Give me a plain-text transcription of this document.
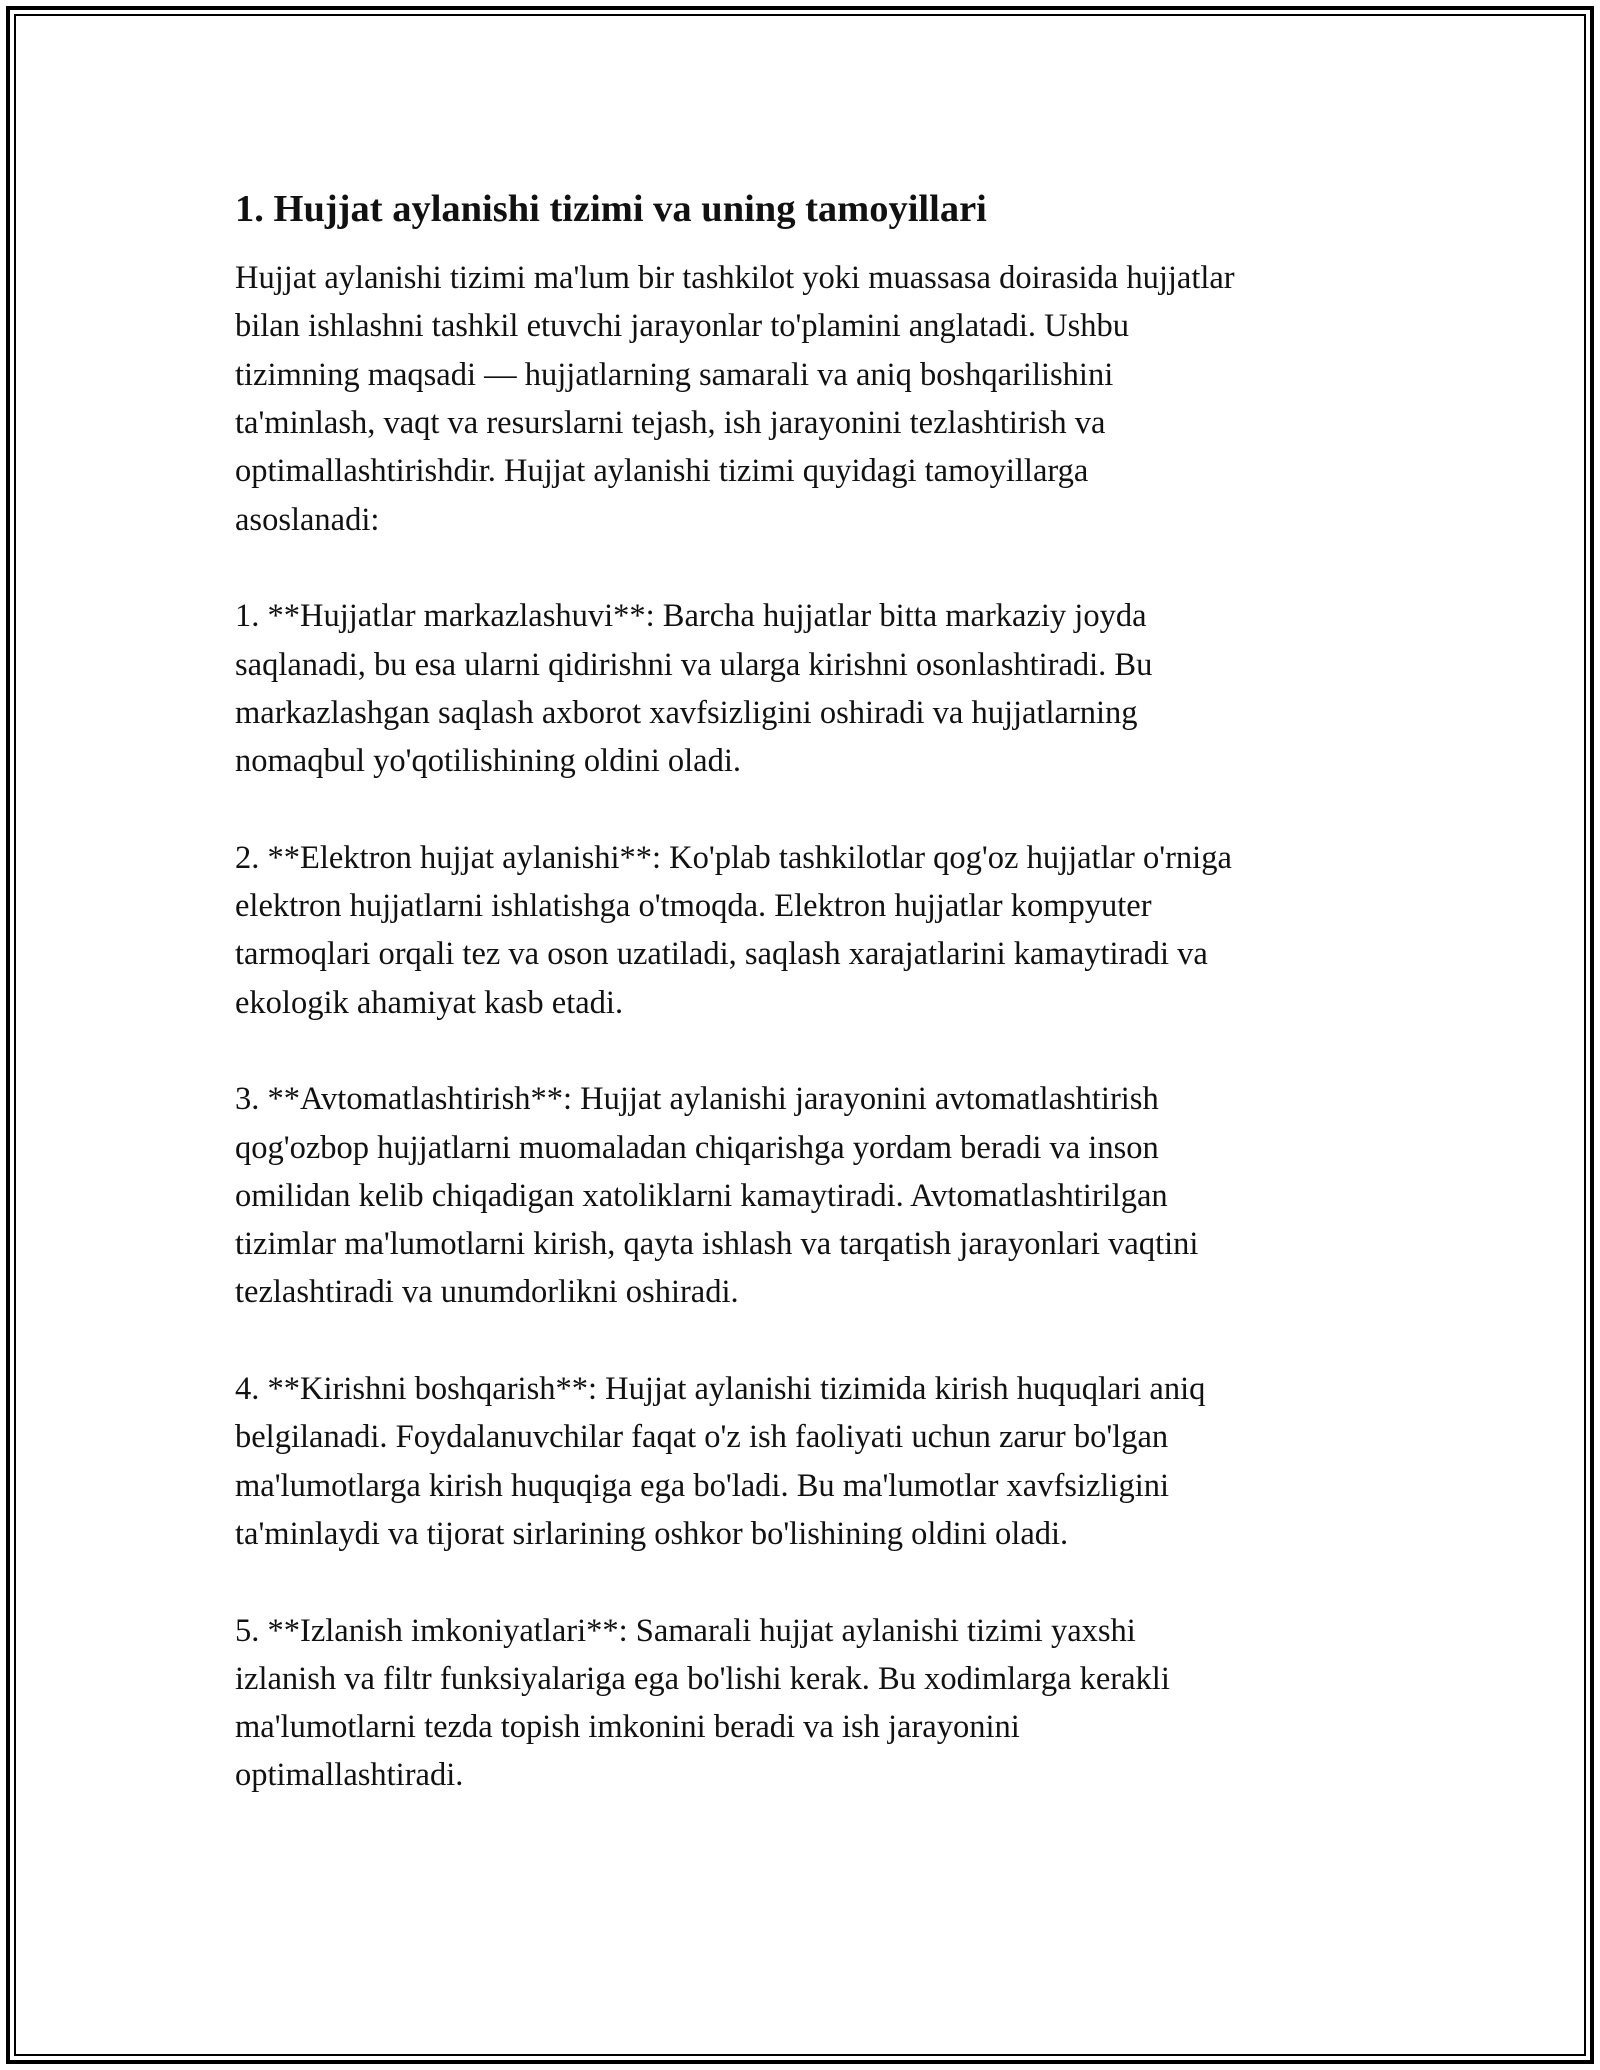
1. Hujjat aylanishi tizimi va uning tamoyillari

Hujjat aylanishi tizimi ma'lum bir tashkilot yoki muassasa doirasida hujjatlar
bilan ishlashni tashkil etuvchi jarayonlar to'plamini anglatadi. Ushbu
tizimning maqsadi — hujjatlarning samarali va aniq boshqarilishini
ta'minlash, vaqt va resurslarni tejash, ish jarayonini tezlashtirish va
optimallashtirishdir. Hujjat aylanishi tizimi quyidagi tamoyillarga
asoslanadi:

1. **Hujjatlar markazlashuvi**: Barcha hujjatlar bitta markaziy joyda
saqlanadi, bu esa ularni qidirishni va ularga kirishni osonlashtiradi. Bu
markazlashgan saqlash axborot xavfsizligini oshiradi va hujjatlarning
nomaqbul yo'qotilishining oldini oladi.

2. **Elektron hujjat aylanishi**: Ko'plab tashkilotlar qog'oz hujjatlar o'rniga
elektron hujjatlarni ishlatishga o'tmoqda. Elektron hujjatlar kompyuter
tarmoqlari orqali tez va oson uzatiladi, saqlash xarajatlarini kamaytiradi va
ekologik ahamiyat kasb etadi.

3. **Avtomatlashtirish**: Hujjat aylanishi jarayonini avtomatlashtirish
qog'ozbop hujjatlarni muomaladan chiqarishga yordam beradi va inson
omilidan kelib chiqadigan xatoliklarni kamaytiradi. Avtomatlashtirilgan
tizimlar ma'lumotlarni kirish, qayta ishlash va tarqatish jarayonlari vaqtini
tezlashtiradi va unumdorlikni oshiradi.

4. **Kirishni boshqarish**: Hujjat aylanishi tizimida kirish huquqlari aniq
belgilanadi. Foydalanuvchilar faqat o'z ish faoliyati uchun zarur bo'lgan
ma'lumotlarga kirish huquqiga ega bo'ladi. Bu ma'lumotlar xavfsizligini
ta'minlaydi va tijorat sirlarining oshkor bo'lishining oldini oladi.

5. **Izlanish imkoniyatlari**: Samarali hujjat aylanishi tizimi yaxshi
izlanish va filtr funksiyalariga ega bo'lishi kerak. Bu xodimlarga kerakli
ma'lumotlarni tezda topish imkonini beradi va ish jarayonini
optimallashtiradi.
